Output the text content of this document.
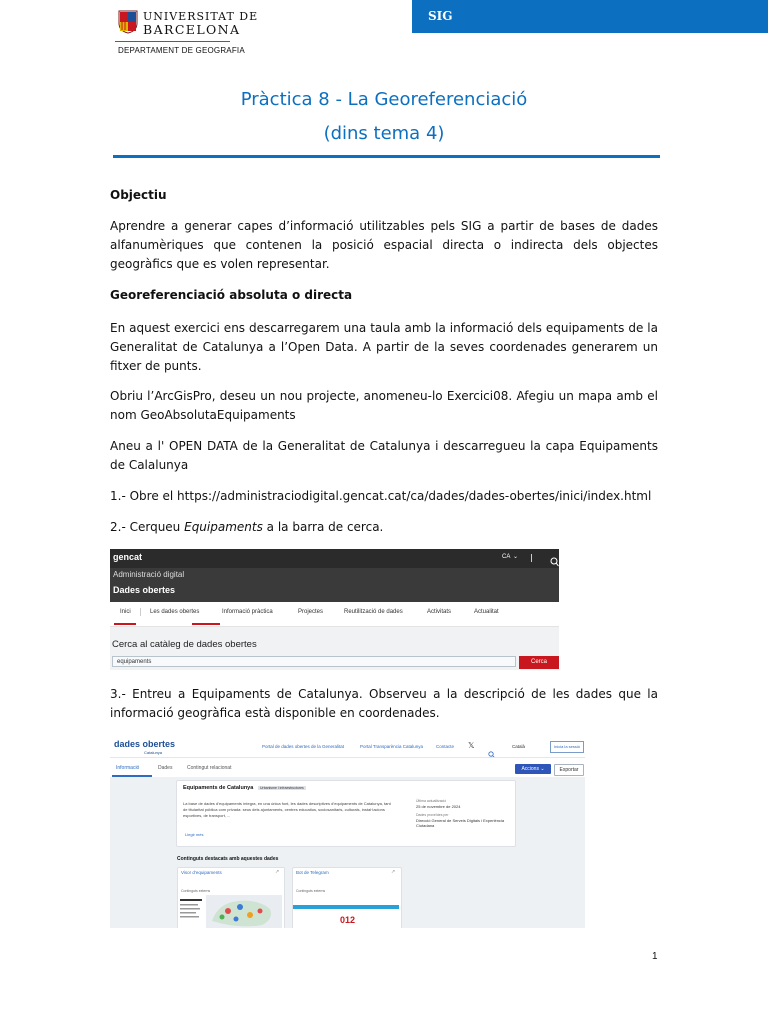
UNIVERSITAT DE
BARCELONA
DEPARTAMENT DE GEOGRAFIA
SIG
Pràctica 8 - La Georeferenciació
(dins tema 4)
Objectiu
Aprendre a generar capes d’informació utilitzables pels SIG a partir de bases de dades alfanumèriques que contenen la posició espacial directa o indirecta dels objectes geogràfics que es volen representar.
Georeferenciació absoluta o directa
En aquest exercici ens descarregarem una taula amb la informació dels equipaments de la Generalitat de Catalunya a l’Open Data. A partir de la seves coordenades generarem un fitxer de punts.
Obriu l’ArcGisPro, deseu un nou projecte, anomeneu-lo Exercici08. Afegiu un mapa amb el nom GeoAbsolutaEquipaments
Aneu a l' OPEN DATA de la Generalitat de Catalunya i descarregueu la capa Equipaments de Calalunya
1.- Obre el https://administraciodigital.gencat.cat/ca/dades/dades-obertes/inici/index.html
2.- Cerqueu Equipaments a la barra de cerca.
gencat	CA ⌄
Administració digital
Dades obertes
Inici	Les dades obertes	Informació pràctica	Projectes	Reutilització de dades	Activitats	Actualitat
Cerca al catàleg de dades obertes
equipaments	Cerca
3.- Entreu a Equipaments de Catalunya. Observeu a la descripció de les dades que la informació geogràfica està disponible en coordenades.
dades obertes
Catalunya
Portal de dades obertes de la Generalitat	Portal Transparència Catalunya	Contacte 𝕏	Català	Inicia la sessió
Informació	Dades	Contingut relacionat	Accions ⌄	Exportar
Equipaments de Catalunya	Urbanisme i infraestructures
La base de dades d’equipaments íntegra, en una única font, les dades descriptives d’equipaments de Catalunya, tant de titularitat pública com privada: seus dels ajuntaments, centres educatius, sociosanitaris, culturals, instal·lacions esportives, de transport, ...
Llegir més
Última actualització
25 de novembre de 2024
Dades proveïdes per
Direcció General de Serveis Digitals i Experiència Ciutadana
Continguts destacats amb aquestes dades
Visor d’equipaments	↗
Continguts externs
Bot de Telegram	↗
Continguts externs
012
1
